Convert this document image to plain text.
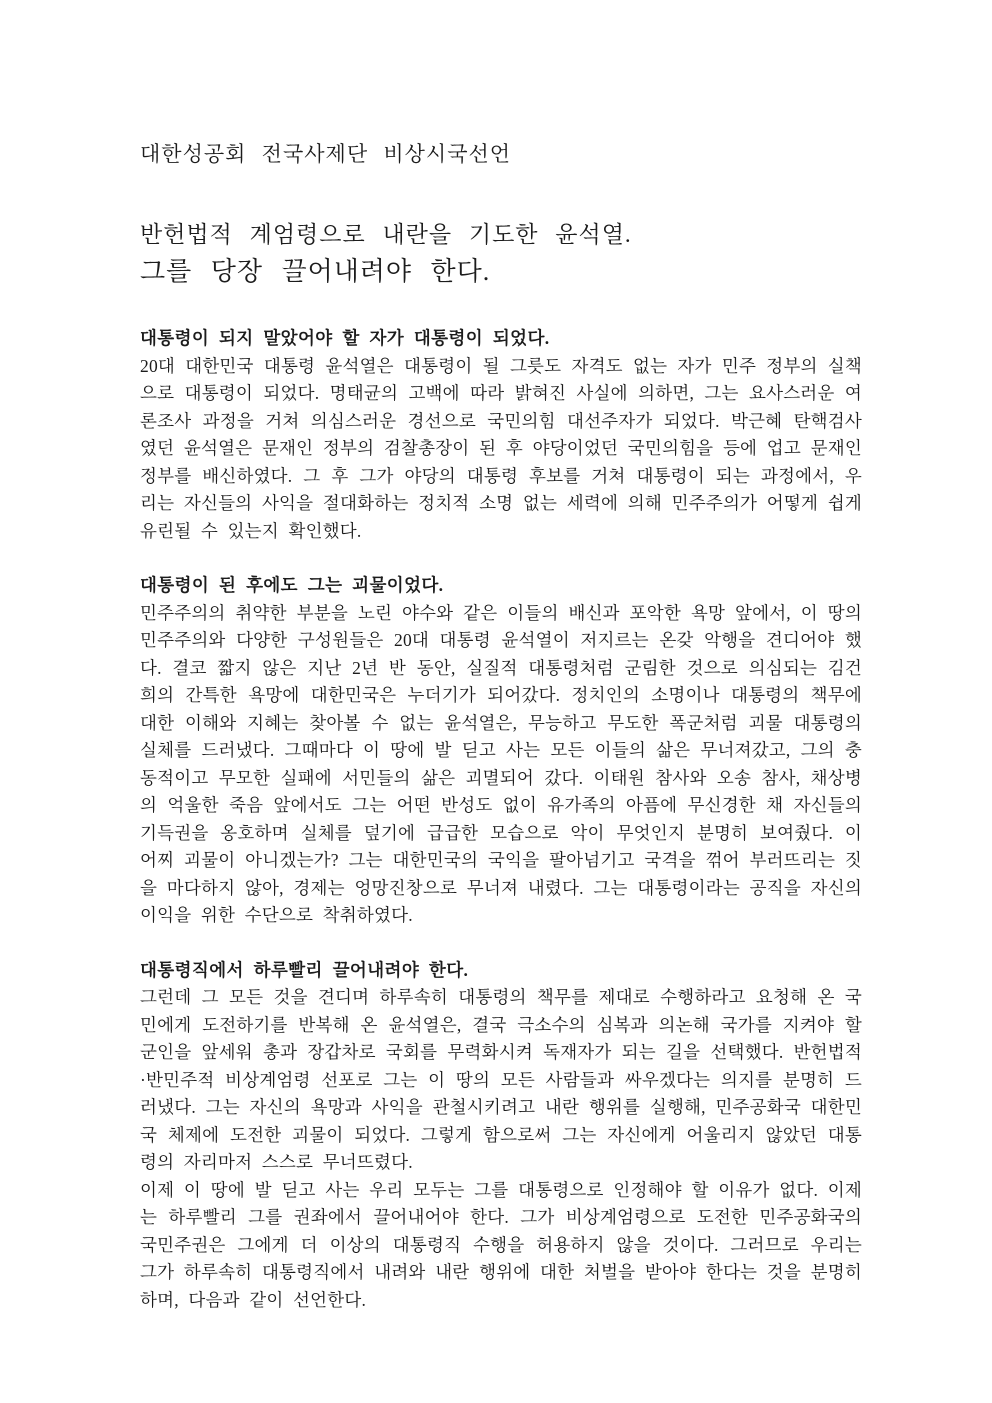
대한성공회 전국사제단 비상시국선언

반헌법적 계엄령으로 내란을 기도한 윤석열.

그를 당장 끌어내려야 한다.

대통령이 되지 말았어야 할 자가 대통령이 되었다.

20대 대한민국 대통령 윤석열은 대통령이 될 그릇도 자격도 없는 자가 민주 정부의 실책으로 대통령이 되었다. 명태균의 고백에 따라 밝혀진 사실에 의하면, 그는 요사스러운 여론조사 과정을 거쳐 의심스러운 경선으로 국민의힘 대선주자가 되었다. 박근혜 탄핵검사였던 윤석열은 문재인 정부의 검찰총장이 된 후 야당이었던 국민의힘을 등에 업고 문재인 정부를 배신하였다. 그 후 그가 야당의 대통령 후보를 거쳐 대통령이 되는 과정에서, 우리는 자신들의 사익을 절대화하는 정치적 소명 없는 세력에 의해 민주주의가 어떻게 쉽게 유린될 수 있는지 확인했다.

대통령이 된 후에도 그는 괴물이었다.

민주주의의 취약한 부분을 노린 야수와 같은 이들의 배신과 포악한 욕망 앞에서, 이 땅의 민주주의와 다양한 구성원들은 20대 대통령 윤석열이 저지르는 온갖 악행을 견디어야 했다. 결코 짧지 않은 지난 2년 반 동안, 실질적 대통령처럼 군림한 것으로 의심되는 김건희의 간특한 욕망에 대한민국은 누더기가 되어갔다. 정치인의 소명이나 대통령의 책무에 대한 이해와 지혜는 찾아볼 수 없는 윤석열은, 무능하고 무도한 폭군처럼 괴물 대통령의 실체를 드러냈다. 그때마다 이 땅에 발 딛고 사는 모든 이들의 삶은 무너져갔고, 그의 충동적이고 무모한 실패에 서민들의 삶은 괴멸되어 갔다. 이태원 참사와 오송 참사, 채상병의 억울한 죽음 앞에서도 그는 어떤 반성도 없이 유가족의 아픔에 무신경한 채 자신들의 기득권을 옹호하며 실체를 덮기에 급급한 모습으로 악이 무엇인지 분명히 보여줬다. 이 어찌 괴물이 아니겠는가? 그는 대한민국의 국익을 팔아넘기고 국격을 꺾어 부러뜨리는 짓을 마다하지 않아, 경제는 엉망진창으로 무너져 내렸다. 그는 대통령이라는 공직을 자신의 이익을 위한 수단으로 착취하였다.

대통령직에서 하루빨리 끌어내려야 한다.

그런데 그 모든 것을 견디며 하루속히 대통령의 책무를 제대로 수행하라고 요청해 온 국민에게 도전하기를 반복해 온 윤석열은, 결국 극소수의 심복과 의논해 국가를 지켜야 할 군인을 앞세워 총과 장갑차로 국회를 무력화시켜 독재자가 되는 길을 선택했다. 반헌법적·반민주적 비상계엄령 선포로 그는 이 땅의 모든 사람들과 싸우겠다는 의지를 분명히 드러냈다. 그는 자신의 욕망과 사익을 관철시키려고 내란 행위를 실행해, 민주공화국 대한민국 체제에 도전한 괴물이 되었다. 그렇게 함으로써 그는 자신에게 어울리지 않았던 대통령의 자리마저 스스로 무너뜨렸다.

이제 이 땅에 발 딛고 사는 우리 모두는 그를 대통령으로 인정해야 할 이유가 없다. 이제는 하루빨리 그를 권좌에서 끌어내어야 한다. 그가 비상계엄령으로 도전한 민주공화국의 국민주권은 그에게 더 이상의 대통령직 수행을 허용하지 않을 것이다. 그러므로 우리는 그가 하루속히 대통령직에서 내려와 내란 행위에 대한 처벌을 받아야 한다는 것을 분명히 하며, 다음과 같이 선언한다.
